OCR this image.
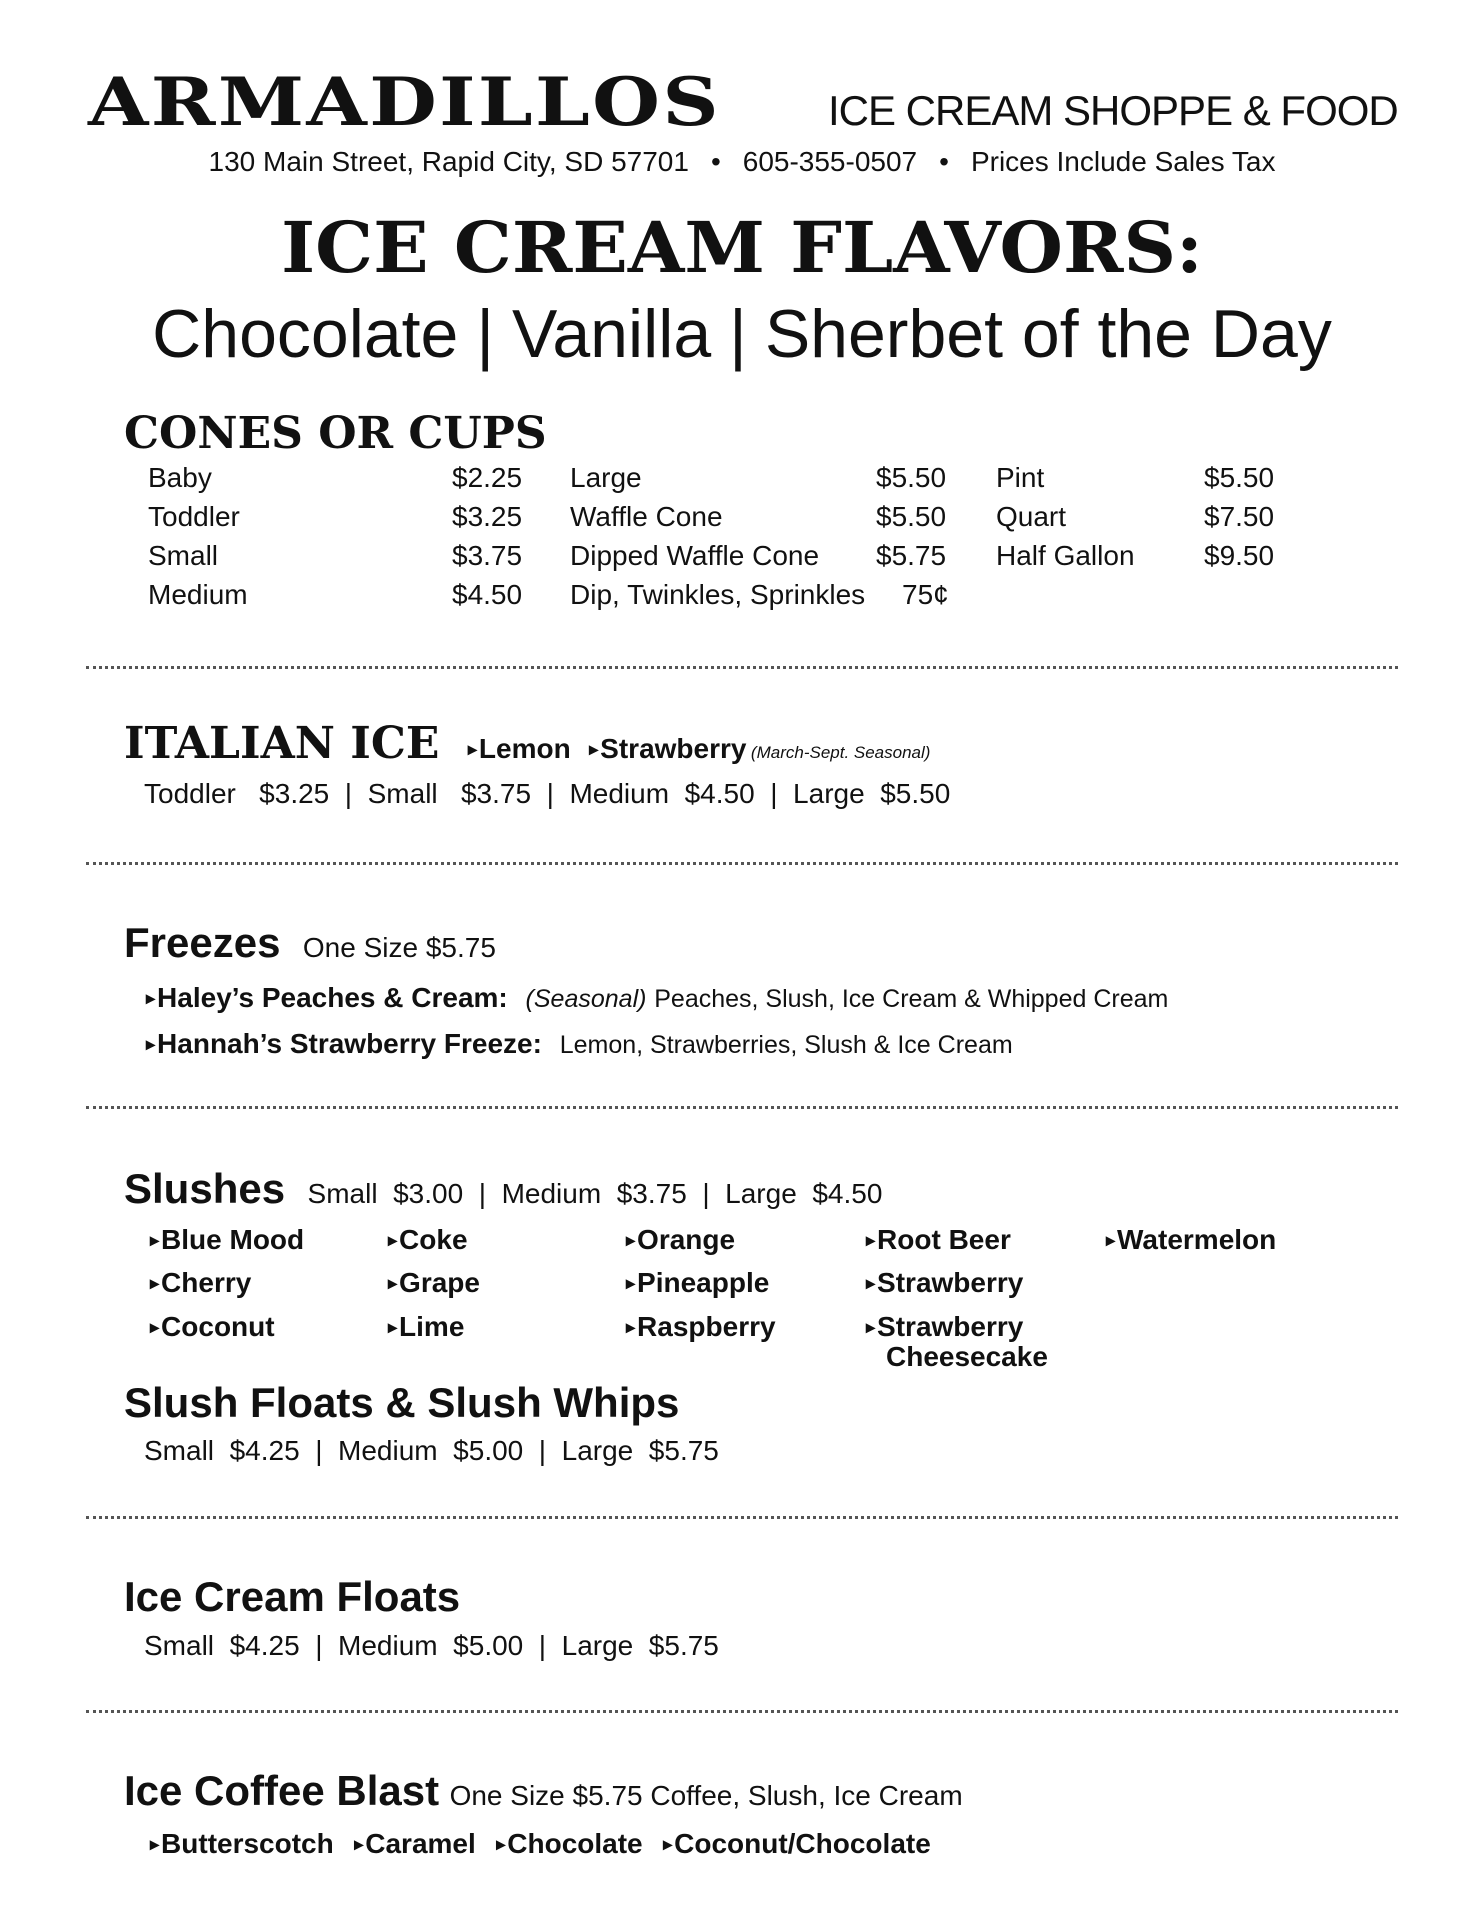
ARMADILLOS	ICE CREAM SHOPPE & FOOD
130 Main Street, Rapid City, SD 57701 • 605-355-0507 • Prices Include Sales Tax
ICE CREAM FLAVORS:
Chocolate | Vanilla | Sherbet of the Day
CONES OR CUPS
Baby	$2.25
Toddler	$3.25
Small	$3.75
Medium	$4.50
Large	$5.50
Waffle Cone	$5.50
Dipped Waffle Cone $5.75
Dip, Twinkles, Sprinkles 75¢
Pint	$5.50
Quart	$7.50
Half Gallon $9.50
ITALIAN ICE ▸Lemon ▸Strawberry (March-Sept. Seasonal)
Toddler   $3.25  |  Small   $3.75  |  Medium  $4.50  |  Large  $5.50
Freezes One Size $5.75
▸Haley’s Peaches & Cream: (Seasonal) Peaches, Slush, Ice Cream & Whipped Cream
▸Hannah’s Strawberry Freeze: Lemon, Strawberries, Slush & Ice Cream
Slushes Small  $3.00  |  Medium  $3.75  |  Large  $4.50
▸Blue Mood
▸Cherry
▸Coconut
▸Coke
▸Grape
▸Lime
▸Orange
▸Pineapple
▸Raspberry
▸Root Beer
▸Strawberry
▸Strawberry
Cheesecake
▸Watermelon
Slush Floats & Slush Whips
Small  $4.25  |  Medium  $5.00  |  Large  $5.75
Ice Cream Floats
Small  $4.25  |  Medium  $5.00  |  Large  $5.75
Ice Coffee Blast One Size $5.75 Coffee, Slush, Ice Cream
▸Butterscotch ▸Caramel ▸Chocolate ▸Coconut/Chocolate
